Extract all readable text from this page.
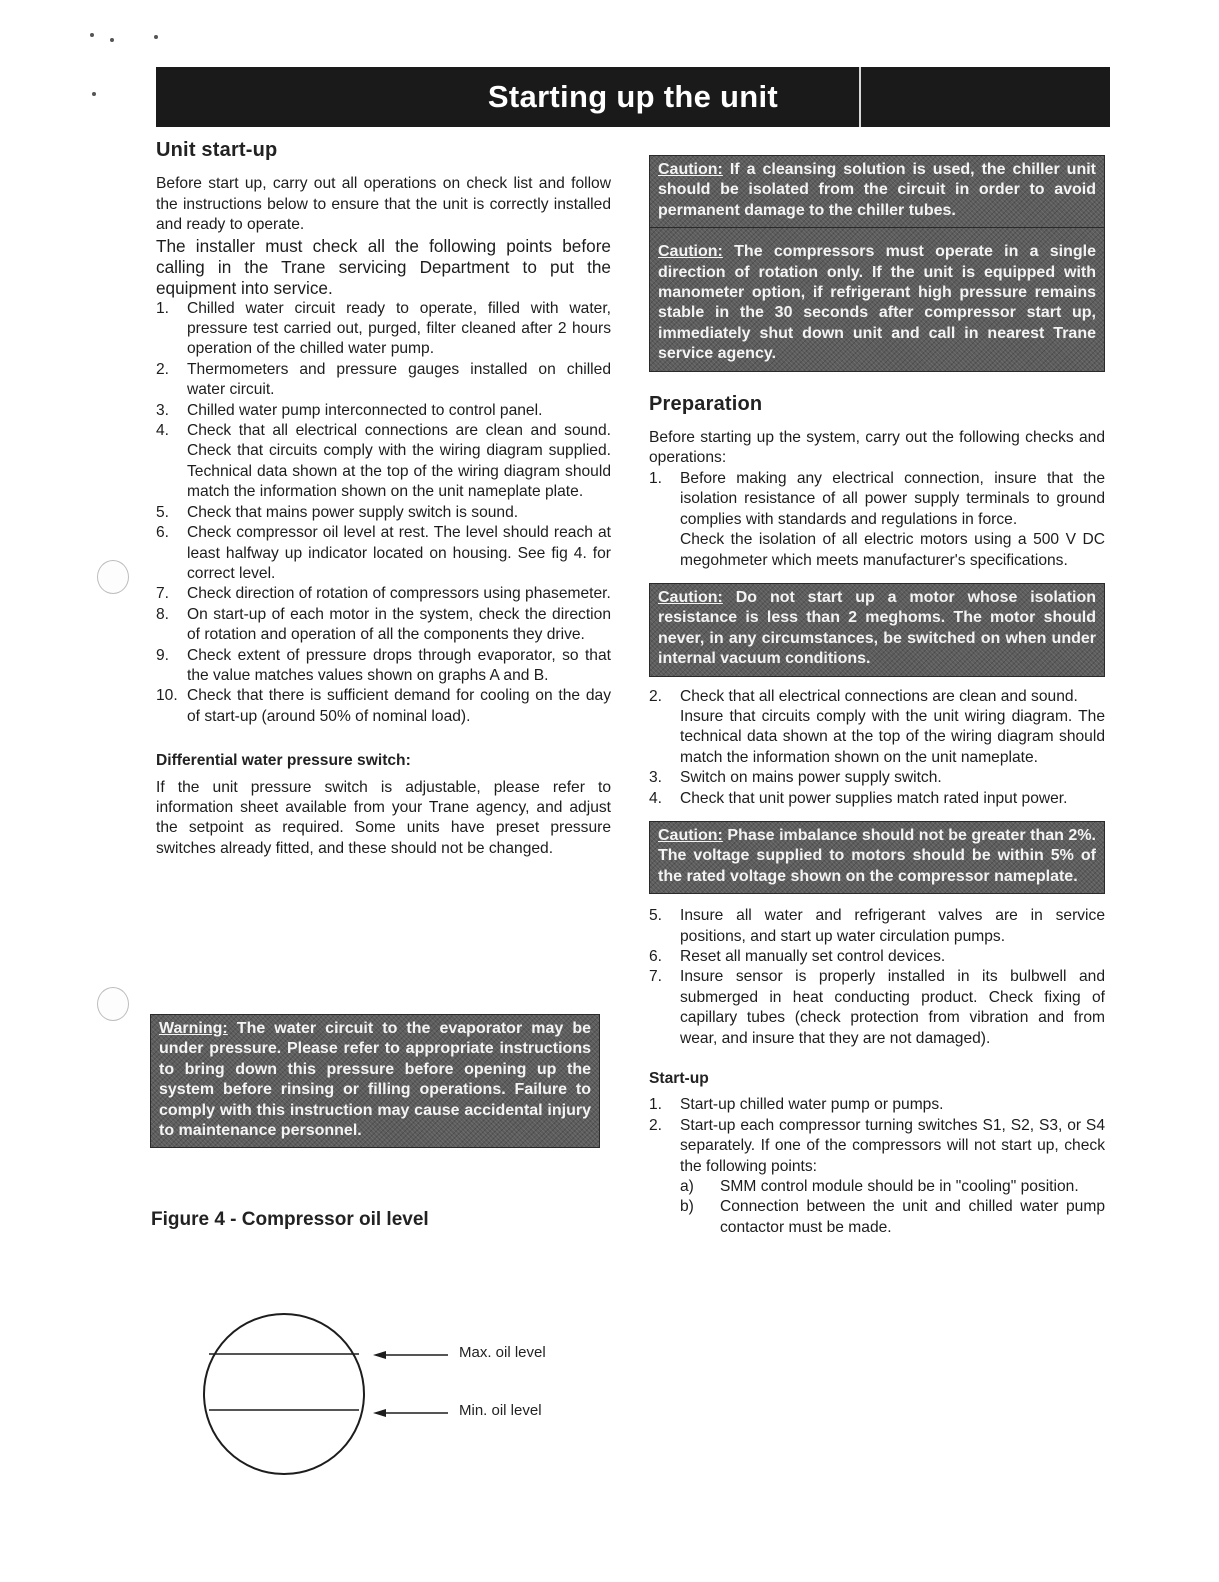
Starting up the unit
Unit start-up

Before start up, carry out all operations on check list and follow the instructions below to ensure that the unit is correctly installed and ready to operate.

The installer must check all the following points before calling in the Trane servicing Department to put the equipment into service.

1. Chilled water circuit ready to operate, filled with water, pressure test carried out, purged, filter cleaned after 2 hours operation of the chilled water pump.
2. Thermometers and pressure gauges installed on chilled water circuit.
3. Chilled water pump interconnected to control panel.
4. Check that all electrical connections are clean and sound. Check that circuits comply with the wiring diagram supplied. Technical data shown at the top of the wiring diagram should match the information shown on the unit nameplate plate.
5. Check that mains power supply switch is sound.
6. Check compressor oil level at rest. The level should reach at least halfway up indicator located on housing. See fig 4. for correct level.
7. Check direction of rotation of compressors using phasemeter.
8. On start-up of each motor in the system, check the direction of rotation and operation of all the components they drive.
9. Check extent of pressure drops through evaporator, so that the value matches values shown on graphs A and B.
10. Check that there is sufficient demand for cooling on the day of start-up (around 50% of nominal load).
Differential water pressure switch:

If the unit pressure switch is adjustable, please refer to information sheet available from your Trane agency, and adjust the setpoint as required. Some units have preset pressure switches already fitted, and these should not be changed.

Warning: The water circuit to the evaporator may be under pressure. Please refer to appropriate instructions to bring down this pressure before opening up the system before rinsing or filling operations. Failure to comply with this instruction may cause accidental injury to maintenance personnel.
Figure 4 - Compressor oil level
Max. oil level
Min. oil level
Caution: If a cleansing solution is used, the chiller unit should be isolated from the circuit in order to avoid permanent damage to the chiller tubes.
Caution: The compressors must operate in a single direction of rotation only. If the unit is equipped with manometer option, if refrigerant high pressure remains stable in the 30 seconds after compressor start up, immediately shut down unit and call in nearest Trane service agency.
Preparation

Before starting up the system, carry out the following checks and operations:

1. Before making any electrical connection, insure that the isolation resistance of all power supply terminals to ground complies with standards and regulations in force.
Check the isolation of all electric motors using a 500 V DC megohmeter which meets manufacturer's specifications.
Caution: Do not start up a motor whose isolation resistance is less than 2 meghoms. The motor should never, in any circumstances, be switched on when under internal vacuum conditions.
2. Check that all electrical connections are clean and sound.
Insure that circuits comply with the unit wiring diagram. The technical data shown at the top of the wiring diagram should match the information shown on the unit nameplate.
3. Switch on mains power supply switch.
4. Check that unit power supplies match rated input power.
Caution: Phase imbalance should not be greater than 2%. The voltage supplied to motors should be within 5% of the rated voltage shown on the compressor nameplate.
5. Insure all water and refrigerant valves are in service positions, and start up water circulation pumps.
6. Reset all manually set control devices.
7. Insure sensor is properly installed in its bulbwell and submerged in heat conducting product. Check fixing of capillary tubes (check protection from vibration and from wear, and insure that they are not damaged).
Start-up
1. Start-up chilled water pump or pumps.
2. Start-up each compressor turning switches S1, S2, S3, or S4 separately. If one of the compressors will not start up, check the following points:
a) SMM control module should be in "cooling" position.
b) Connection between the unit and chilled water pump contactor must be made.
